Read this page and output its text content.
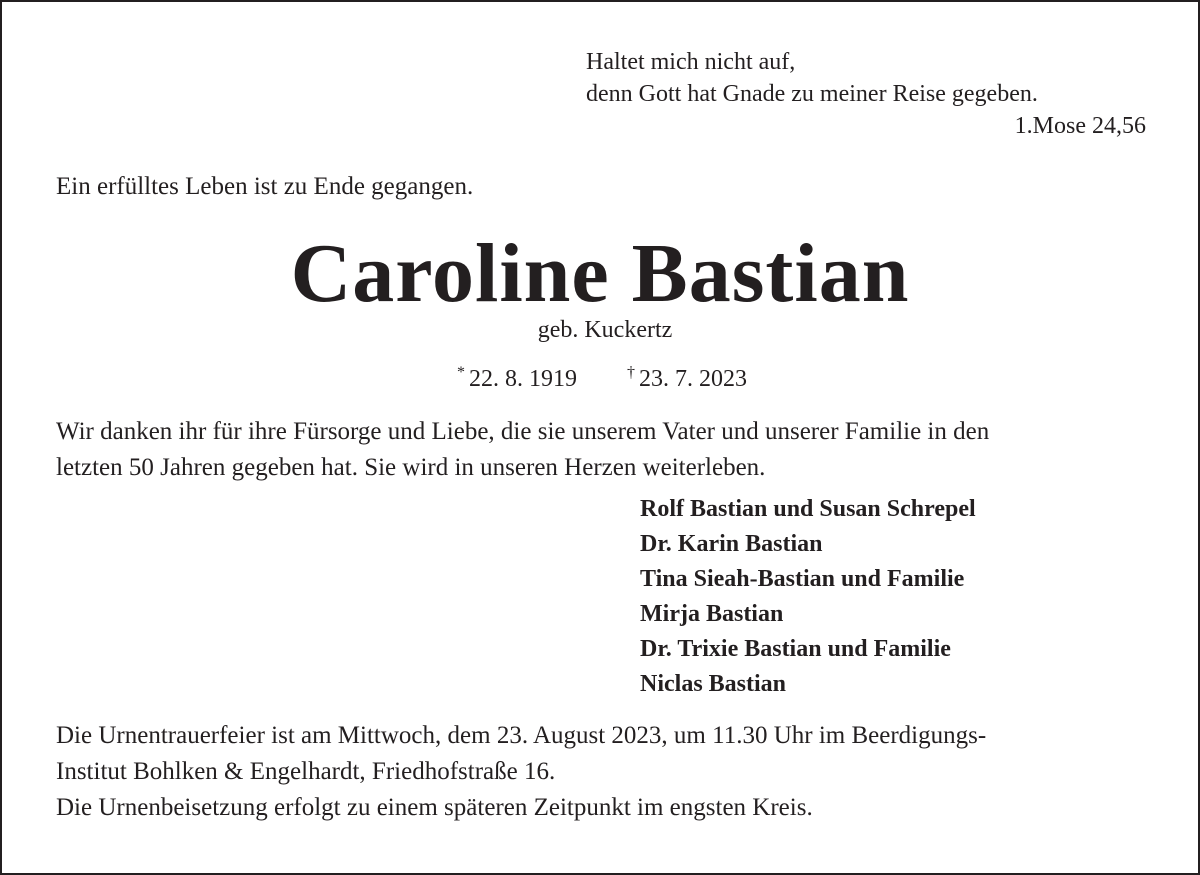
Haltet mich nicht auf,
denn Gott hat Gnade zu meiner Reise gegeben.
1.Mose 24,56
Ein erfülltes Leben ist zu Ende gegangen.
Caroline Bastian
geb. Kuckertz
* 22. 8. 1919	† 23. 7. 2023
Wir danken ihr für ihre Fürsorge und Liebe, die sie unserem Vater und unserer Familie in den
letzten 50 Jahren gegeben hat. Sie wird in unseren Herzen weiterleben.
Rolf Bastian und Susan Schrepel
Dr. Karin Bastian
Tina Sieah-Bastian und Familie
Mirja Bastian
Dr. Trixie Bastian und Familie
Niclas Bastian
Die Urnentrauerfeier ist am Mittwoch, dem 23. August 2023, um 11.30 Uhr im Beerdigungs-
Institut Bohlken & Engelhardt, Friedhofstraße 16.
Die Urnenbeisetzung erfolgt zu einem späteren Zeitpunkt im engsten Kreis.
